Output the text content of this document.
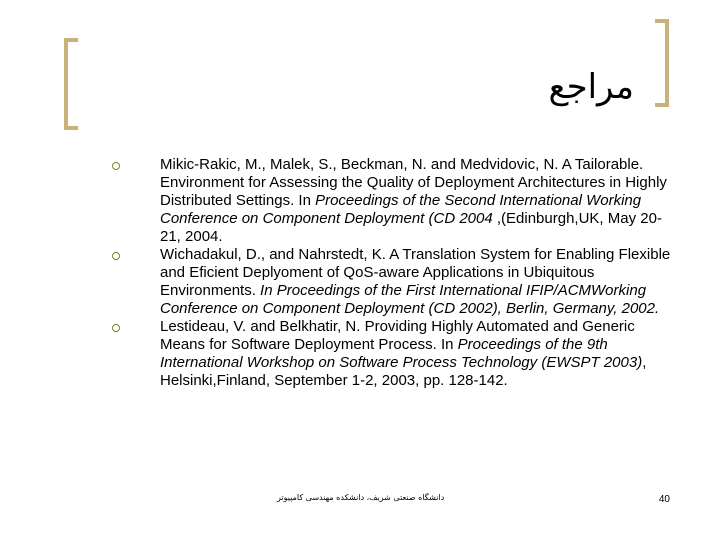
مراجع
Mikic-Rakic, M., Malek, S., Beckman, N. and Medvidovic, N. A Tailorable. Environment for Assessing the Quality of Deployment Architectures in Highly Distributed Settings. In Proceedings of the Second International Working Conference on Component Deployment (CD 2004 ,(Edinburgh,UK, May 20-21, 2004.
Wichadakul, D., and Nahrstedt, K. A Translation System for Enabling Flexible and Eficient Deplyoment of QoS-aware Applications in Ubiquitous Environments. In Proceedings of the First International IFIP/ACMWorking Conference on Component Deployment (CD 2002), Berlin, Germany, 2002.
Lestideau, V. and Belkhatir, N. Providing Highly Automated and Generic Means for Software Deployment Process. In Proceedings of the 9th International Workshop on Software Process Technology (EWSPT 2003), Helsinki,Finland, September 1-2, 2003, pp. 128-142.
دانشگاه صنعتی شریف، دانشکده مهندسی کامپیوتر	40
